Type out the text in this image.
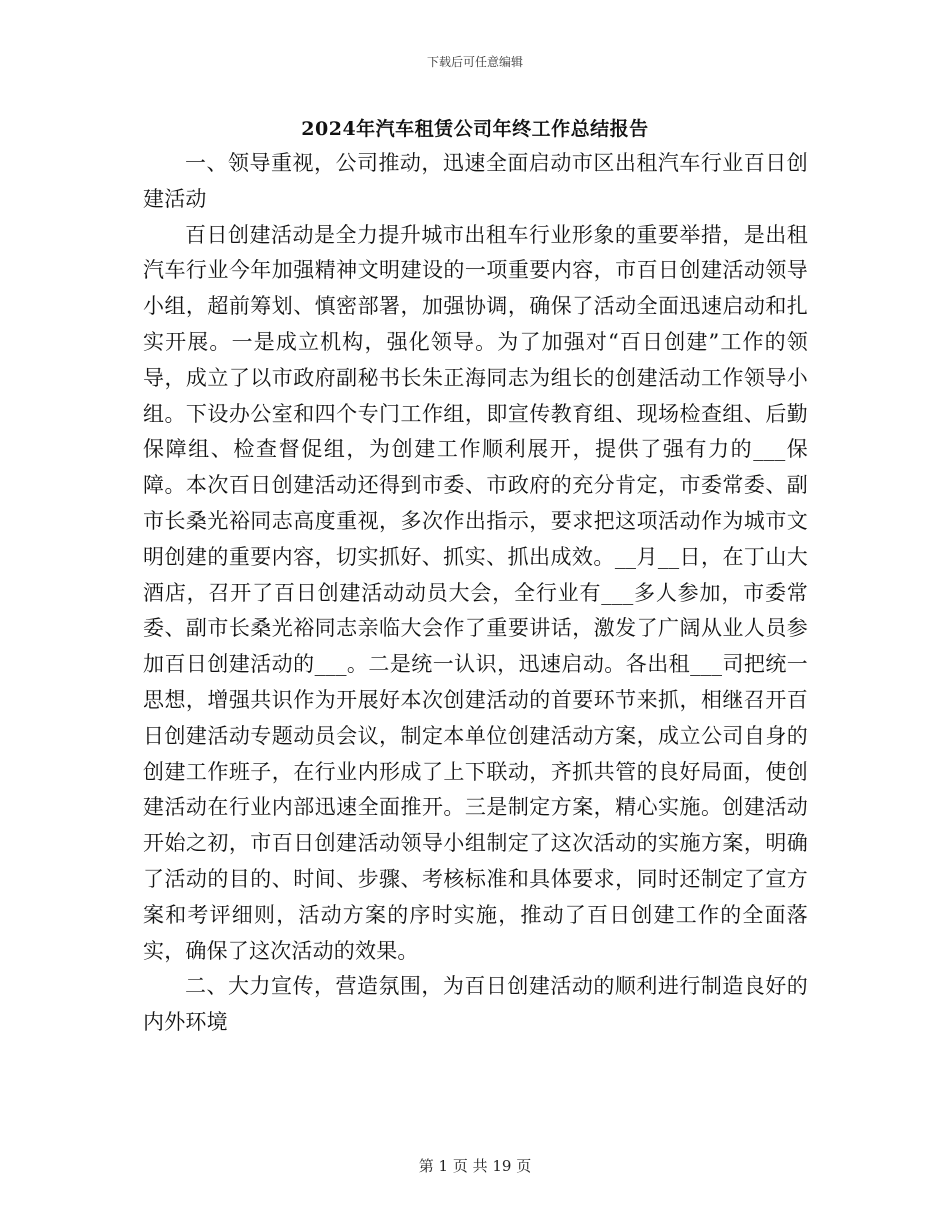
下载后可任意编辑
2024年汽车租赁公司年终工作总结报告

一、领导重视，公司推动，迅速全面启动市区出租汽车行业百日创建活动

百日创建活动是全力提升城市出租车行业形象的重要举措，是出租汽车行业今年加强精神文明建设的一项重要内容，市百日创建活动领导小组，超前筹划、慎密部署，加强协调，确保了活动全面迅速启动和扎实开展。一是成立机构，强化领导。为了加强对“百日创建”工作的领导，成立了以市政府副秘书长朱正海同志为组长的创建活动工作领导小组。下设办公室和四个专门工作组，即宣传教育组、现场检查组、后勤保障组、检查督促组，为创建工作顺利展开，提供了强有力的___保障。本次百日创建活动还得到市委、市政府的充分肯定，市委常委、副市长桑光裕同志高度重视，多次作出指示，要求把这项活动作为城市文明创建的重要内容，切实抓好、抓实、抓出成效。__月__日，在丁山大酒店，召开了百日创建活动动员大会，全行业有___多人参加，市委常委、副市长桑光裕同志亲临大会作了重要讲话，激发了广阔从业人员参加百日创建活动的___。二是统一认识，迅速启动。各出租___司把统一思想，增强共识作为开展好本次创建活动的首要环节来抓，相继召开百日创建活动专题动员会议，制定本单位创建活动方案，成立公司自身的创建工作班子，在行业内形成了上下联动，齐抓共管的良好局面，使创建活动在行业内部迅速全面推开。三是制定方案，精心实施。创建活动开始之初，市百日创建活动领导小组制定了这次活动的实施方案，明确了活动的目的、时间、步骤、考核标准和具体要求，同时还制定了宣方案和考评细则，活动方案的序时实施，推动了百日创建工作的全面落实，确保了这次活动的效果。

二、大力宣传，营造氛围，为百日创建活动的顺利进行制造良好的内外环境

第 1 页 共 19 页
